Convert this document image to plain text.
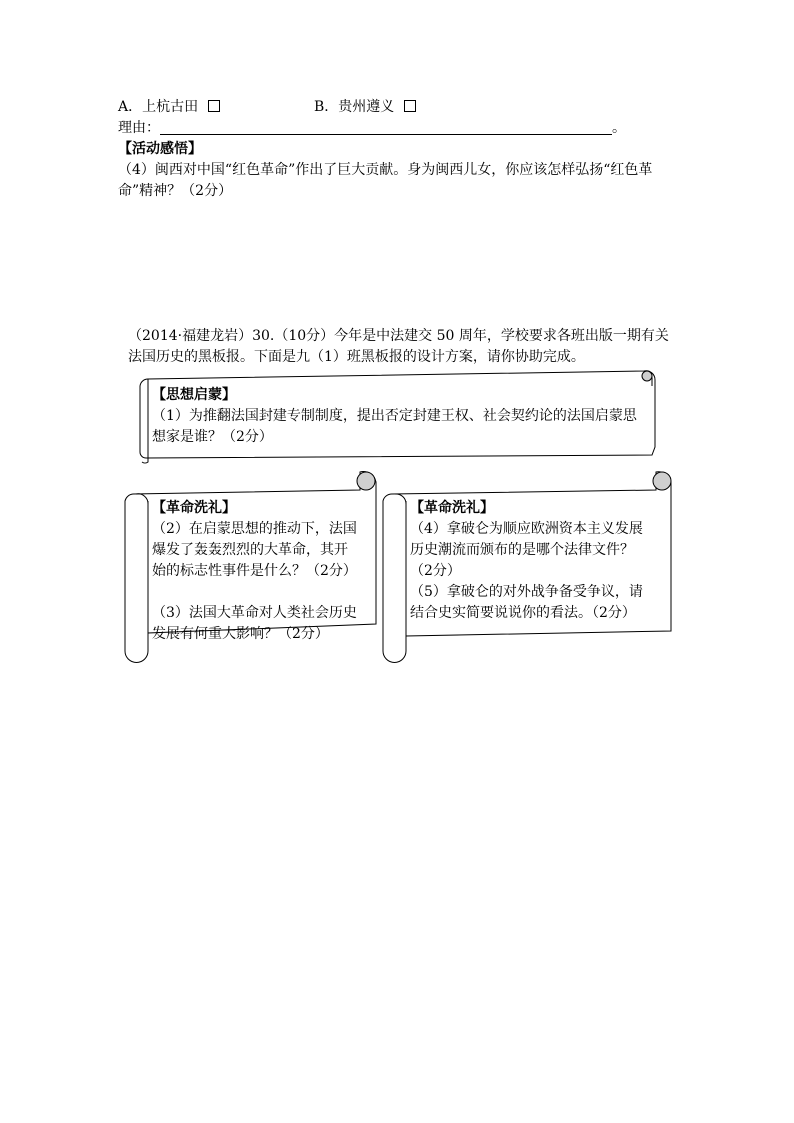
A．上杭古田	B．贵州遵义
理由：	。
【活动感悟】
（4）闽西对中国“红色革命”作出了巨大贡献。身为闽西儿女，你应该怎样弘扬“红色革
命”精神？（2分）
（2014·福建龙岩）30.（10分）今年是中法建交 50 周年，学校要求各班出版一期有关
法国历史的黑板报。下面是九（1）班黑板报的设计方案，请你协助完成。
【思想启蒙】
（1）为推翻法国封建专制制度，提出否定封建王权、社会契约论的法国启蒙思
想家是谁？（2分）
【革命洗礼】
（2）在启蒙思想的推动下，法国
爆发了轰轰烈烈的大革命，其开
始的标志性事件是什么？（2分）
（3）法国大革命对人类社会历史
发展有何重大影响？（2分）
【革命洗礼】
（4）拿破仑为顺应欧洲资本主义发展
历史潮流而颁布的是哪个法律文件？
（2分）
（5）拿破仑的对外战争备受争议，请
结合史实简要说说你的看法。（2分）
